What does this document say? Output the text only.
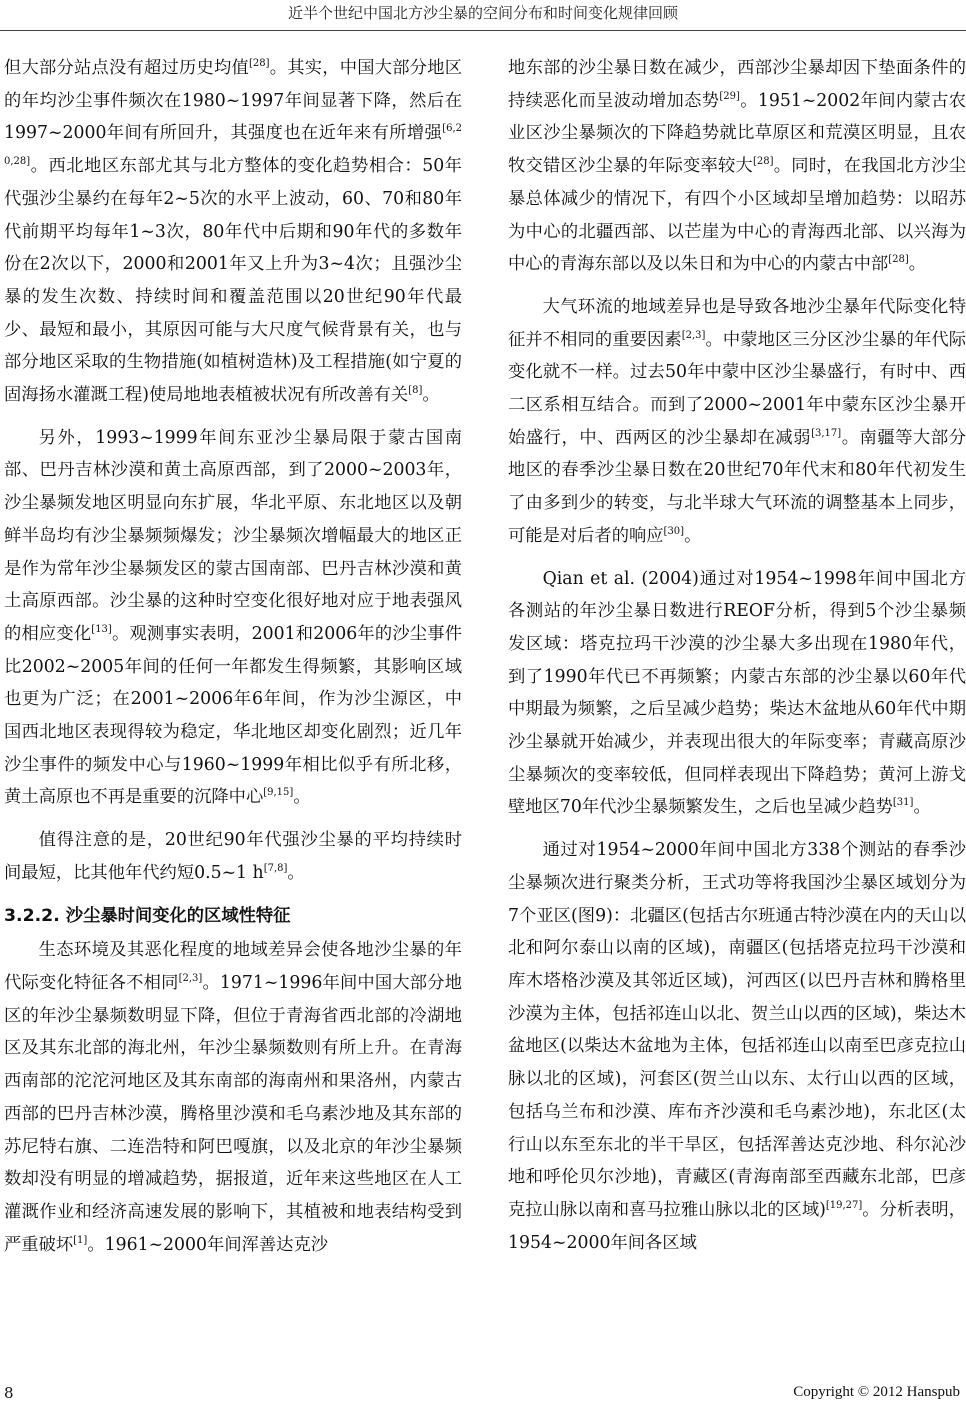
近半个世纪中国北方沙尘暴的空间分布和时间变化规律回顾

但大部分站点没有超过历史均值[28]。其实，中国大部分地区的年均沙尘事件频次在1980~1997年间显著下降，然后在1997~2000年间有所回升，其强度也在近年来有所增强[6,20,28]。西北地区东部尤其与北方整体的变化趋势相合：50年代强沙尘暴约在每年2~5次的水平上波动，60、70和80年代前期平均每年1~3次，80年代中后期和90年代的多数年份在2次以下，2000和2001年又上升为3~4次；且强沙尘暴的发生次数、持续时间和覆盖范围以20世纪90年代最少、最短和最小，其原因可能与大尺度气候背景有关，也与部分地区采取的生物措施(如植树造林)及工程措施(如宁夏的固海扬水灌溉工程)使局地地表植被状况有所改善有关[8]。

另外，1993~1999年间东亚沙尘暴局限于蒙古国南部、巴丹吉林沙漠和黄土高原西部，到了2000~2003年，沙尘暴频发地区明显向东扩展，华北平原、东北地区以及朝鲜半岛均有沙尘暴频频爆发；沙尘暴频次增幅最大的地区正是作为常年沙尘暴频发区的蒙古国南部、巴丹吉林沙漠和黄土高原西部。沙尘暴的这种时空变化很好地对应于地表强风的相应变化[13]。观测事实表明，2001和2006年的沙尘事件比2002~2005年间的任何一年都发生得频繁，其影响区域也更为广泛；在2001~2006年6年间，作为沙尘源区，中国西北地区表现得较为稳定，华北地区却变化剧烈；近几年沙尘事件的频发中心与1960~1999年相比似乎有所北移，黄土高原也不再是重要的沉降中心[9,15]。

值得注意的是，20世纪90年代强沙尘暴的平均持续时间最短，比其他年代约短0.5~1 h[7,8]。

3.2.2. 沙尘暴时间变化的区域性特征

生态环境及其恶化程度的地域差异会使各地沙尘暴的年代际变化特征各不相同[2,3]。1971~1996年间中国大部分地区的年沙尘暴频数明显下降，但位于青海省西北部的冷湖地区及其东北部的海北州，年沙尘暴频数则有所上升。在青海西南部的沱沱河地区及其东南部的海南州和果洛州，内蒙古西部的巴丹吉林沙漠，腾格里沙漠和毛乌素沙地及其东部的苏尼特右旗、二连浩特和阿巴嘎旗，以及北京的年沙尘暴频数却没有明显的增减趋势，据报道，近年来这些地区在人工灌溉作业和经济高速发展的影响下，其植被和地表结构受到严重破坏[1]。1961~2000年间浑善达克沙

地东部的沙尘暴日数在减少，西部沙尘暴却因下垫面条件的持续恶化而呈波动增加态势[29]。1951~2002年间内蒙古农业区沙尘暴频次的下降趋势就比草原区和荒漠区明显，且农牧交错区沙尘暴的年际变率较大[28]。同时，在我国北方沙尘暴总体减少的情况下，有四个小区域却呈增加趋势：以昭苏为中心的北疆西部、以芒崖为中心的青海西北部、以兴海为中心的青海东部以及以朱日和为中心的内蒙古中部[28]。

大气环流的地域差异也是导致各地沙尘暴年代际变化特征并不相同的重要因素[2,3]。中蒙地区三分区沙尘暴的年代际变化就不一样。过去50年中蒙中区沙尘暴盛行，有时中、西二区系相互结合。而到了2000~2001年中蒙东区沙尘暴开始盛行，中、西两区的沙尘暴却在减弱[3,17]。南疆等大部分地区的春季沙尘暴日数在20世纪70年代末和80年代初发生了由多到少的转变，与北半球大气环流的调整基本上同步，可能是对后者的响应[30]。

Qian et al. (2004)通过对1954~1998年间中国北方各测站的年沙尘暴日数进行REOF分析，得到5个沙尘暴频发区域：塔克拉玛干沙漠的沙尘暴大多出现在1980年代，到了1990年代已不再频繁；内蒙古东部的沙尘暴以60年代中期最为频繁，之后呈减少趋势；柴达木盆地从60年代中期沙尘暴就开始减少，并表现出很大的年际变率；青藏高原沙尘暴频次的变率较低，但同样表现出下降趋势；黄河上游戈壁地区70年代沙尘暴频繁发生，之后也呈减少趋势[31]。

通过对1954~2000年间中国北方338个测站的春季沙尘暴频次进行聚类分析，王式功等将我国沙尘暴区域划分为7个亚区(图9)：北疆区(包括古尔班通古特沙漠在内的天山以北和阿尔泰山以南的区域)，南疆区(包括塔克拉玛干沙漠和库木塔格沙漠及其邻近区域)，河西区(以巴丹吉林和腾格里沙漠为主体，包括祁连山以北、贺兰山以西的区域)，柴达木盆地区(以柴达木盆地为主体，包括祁连山以南至巴彦克拉山脉以北的区域)，河套区(贺兰山以东、太行山以西的区域，包括乌兰布和沙漠、库布齐沙漠和毛乌素沙地)，东北区(太行山以东至东北的半干旱区，包括浑善达克沙地、科尔沁沙地和呼伦贝尔沙地)，青藏区(青海南部至西藏东北部，巴彦克拉山脉以南和喜马拉雅山脉以北的区域)[19,27]。分析表明，1954~2000年间各区域

8	Copyright © 2012 Hanspub
